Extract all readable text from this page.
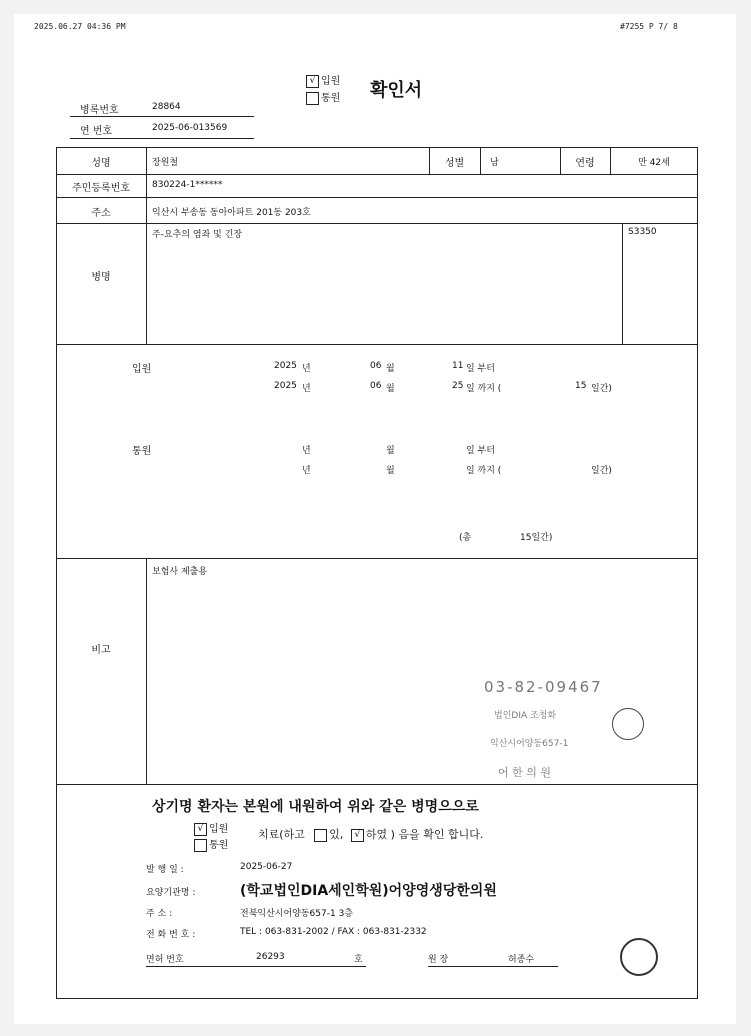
2025.06.27 04:36 PM	#7255 P 7/ 8
√ 입원
통원 확인서
병록번호	28864
연 번호	2025-06-013569
성명	장원철	성별	남	연령	만 42세
주민등록번호	830224-1******
주소	익산시 부송동 동아아파트 201동 203호
병명
주-요추의 염좌 및 긴장	S3350
입원	2025 년	06 월	11 일 부터
2025 년	06 월	25 일 까지 (	15 일간)
통원	년	월	일 부터
년	월	일 까지 (	일간)
(총	15일간)
비고
보험사 제출용
03-82-09467
법인DIA 조청화
익산시어양동657-1
어 한 의 원
상기명 환자는 본원에 내원하여 위와 같은 병명으으로
√ 입원
통원
치료(하고 있, √ 하였 ) 음을 확인 합니다.
발 행 일 :	2025-06-27
요양기관명 :	(학교법인DIA세인학원)어양영생당한의원
주 소 :	전북익산시어양동657-1 3층
전 화 번 호 :	TEL : 063-831-2002 / FAX : 063-831-2332
면허 번호	26293	호	원 장	허종수
